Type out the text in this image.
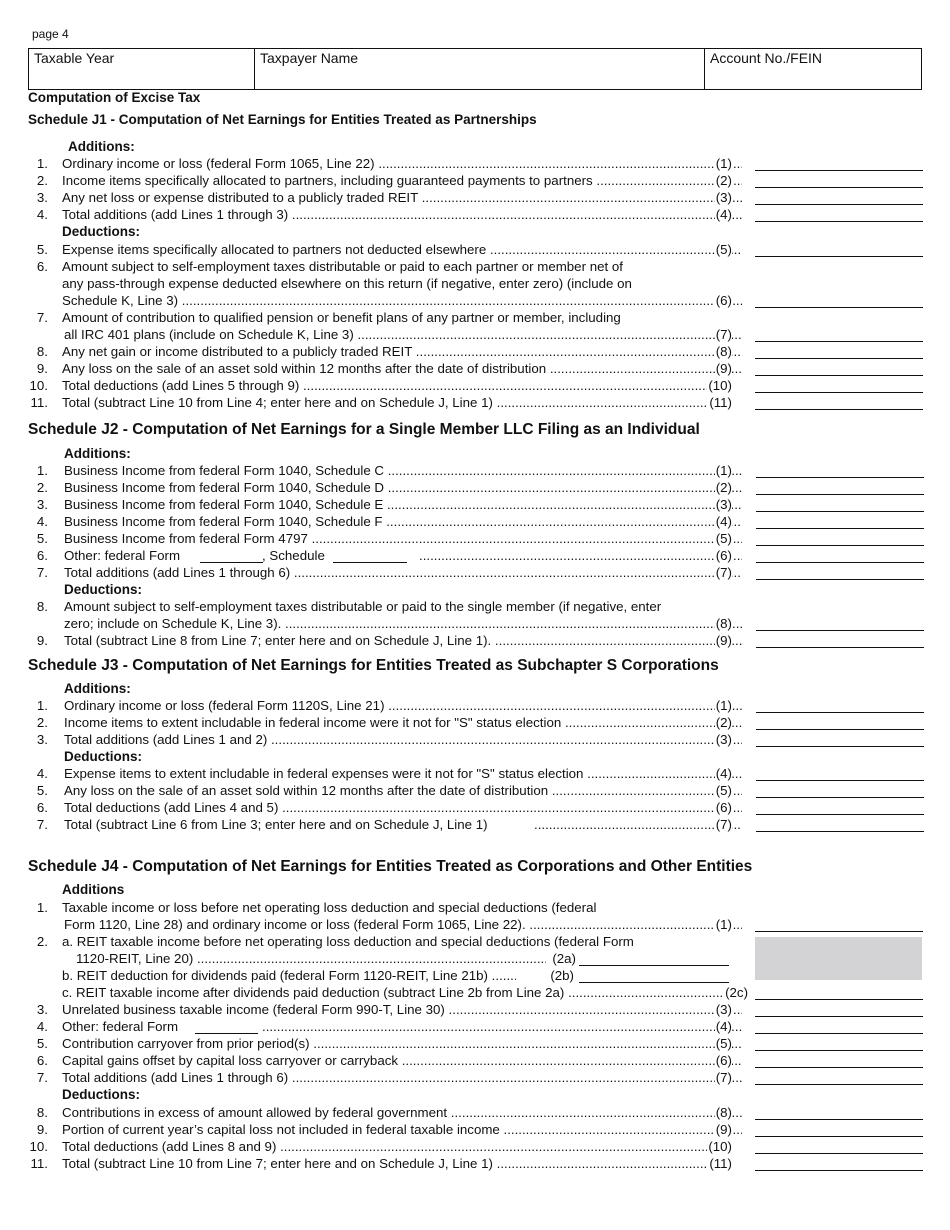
page 4
Taxable Year	Taxpayer Name	Account No./FEIN
Computation of Excise Tax
Schedule J1 - Computation of Net Earnings for Entities Treated as Partnerships
Additions:
1. Ordinary income or loss (federal Form 1065, Line 22) .....	(1)
2. Income items specifically allocated to partners, including guaranteed payments to partners .....	(2)
3. Any net loss or expense distributed to a publicly traded REIT .....	(3)
4. Total additions (add Lines 1 through 3) .....	(4)
Deductions:
5. Expense items specifically allocated to partners not deducted elsewhere .....	(5)
6. Amount subject to self-employment taxes distributable or paid to each partner or member net of
any pass-through expense deducted elsewhere on this return (if negative, enter zero) (include on
Schedule K, Line 3) .....	(6)
7. Amount of contribution to qualified pension or benefit plans of any partner or member, including
all IRC 401 plans (include on Schedule K, Line 3) .....	(7)
8. Any net gain or income distributed to a publicly traded REIT .....	(8)
9. Any loss on the sale of an asset sold within 12 months after the date of distribution .....	(9)
10. Total deductions (add Lines 5 through 9) .....	(10)
11. Total (subtract Line 10 from Line 4; enter here and on Schedule J, Line 1) .....	(11)
Schedule J2 - Computation of Net Earnings for a Single Member LLC Filing as an Individual
Additions:
1. Business Income from federal Form 1040, Schedule C .....	(1)
2. Business Income from federal Form 1040, Schedule D .....	(2)
3. Business Income from federal Form 1040, Schedule E .....	(3)
4. Business Income from federal Form 1040, Schedule F .....	(4)
5. Business Income from federal Form 4797 .....	(5)
6. Other: federal Form	, Schedule .....	(6)
7. Total additions (add Lines 1 through 6) .....	(7)
Deductions:
8. Amount subject to self-employment taxes distributable or paid to the single member (if negative, enter
zero; include on Schedule K, Line 3). .....	(8)
9. Total (subtract Line 8 from Line 7; enter here and on Schedule J, Line 1). .....	(9)
Schedule J3 - Computation of Net Earnings for Entities Treated as Subchapter S Corporations
Additions:
1. Ordinary income or loss (federal Form 1120S, Line 21) .....	(1)
2. Income items to extent includable in federal income were it not for "S" status election .....	(2)
3. Total additions (add Lines 1 and 2) .....	(3)
Deductions:
4. Expense items to extent includable in federal expenses were it not for "S" status election .....	(4)
5. Any loss on the sale of an asset sold within 12 months after the date of distribution .....	(5)
6. Total deductions (add Lines 4 and 5) .....	(6)
7. Total (subtract Line 6 from Line 3; enter here and on Schedule J, Line 1) .....	(7)
Schedule J4 - Computation of Net Earnings for Entities Treated as Corporations and Other Entities
Additions
1. Taxable income or loss before net operating loss deduction and special deductions (federal
Form 1120, Line 28) and ordinary income or loss (federal Form 1065, Line 22). .....	(1)
2. a. REIT taxable income before net operating loss deduction and special deductions (federal Form
1120-REIT, Line 20) .....	(2a)
b. REIT deduction for dividends paid (federal Form 1120-REIT, Line 21b) .....	(2b)
c. REIT taxable income after dividends paid deduction (subtract Line 2b from Line 2a) .....	(2c)
3. Unrelated business taxable income (federal Form 990-T, Line 30) .....	(3)
4. Other: federal Form .....	(4)
5. Contribution carryover from prior period(s) .....	(5)
6. Capital gains offset by capital loss carryover or carryback .....	(6)
7. Total additions (add Lines 1 through 6) .....	(7)
Deductions:
8. Contributions in excess of amount allowed by federal government .....	(8)
9. Portion of current year’s capital loss not included in federal taxable income .....	(9)
10. Total deductions (add Lines 8 and 9) .....	(10)
11. Total (subtract Line 10 from Line 7; enter here and on Schedule J, Line 1) .....	(11)
